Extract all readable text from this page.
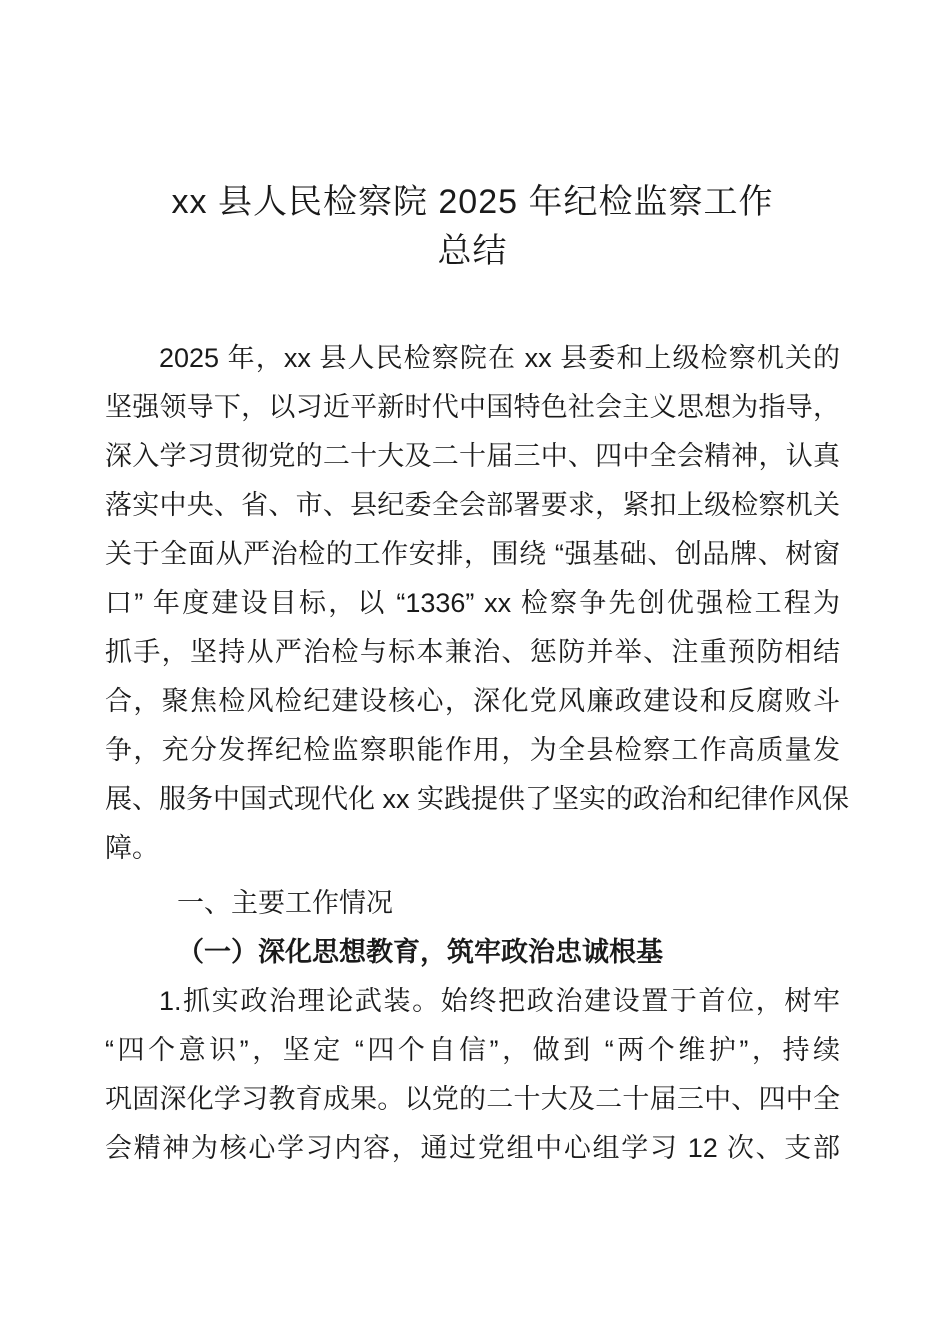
xx 县人民检察院 2025 年纪检监察工作
总结
2025 年，xx 县人民检察院在 xx 县委和上级检察机关的
坚强领导下，以习近平新时代中国特色社会主义思想为指导，
深入学习贯彻党的二十大及二十届三中、四中全会精神，认真
落实中央、省、市、县纪委全会部署要求，紧扣上级检察机关
关于全面从严治检的工作安排，围绕 “强基础、创品牌、树窗
口” 年度建设目标，以 “1336” xx 检察争先创优强检工程为
抓手，坚持从严治检与标本兼治、惩防并举、注重预防相结
合，聚焦检风检纪建设核心，深化党风廉政建设和反腐败斗
争，充分发挥纪检监察职能作用，为全县检察工作高质量发
展、服务中国式现代化 xx 实践提供了坚实的政治和纪律作风保
障。
一、主要工作情况
（一）深化思想教育，筑牢政治忠诚根基
1.抓实政治理论武装。始终把政治建设置于首位，树牢
“四个意识”，坚定 “四个自信”，做到 “两个维护”，持续
巩固深化学习教育成果。以党的二十大及二十届三中、四中全
会精神为核心学习内容，通过党组中心组学习 12 次、支部
